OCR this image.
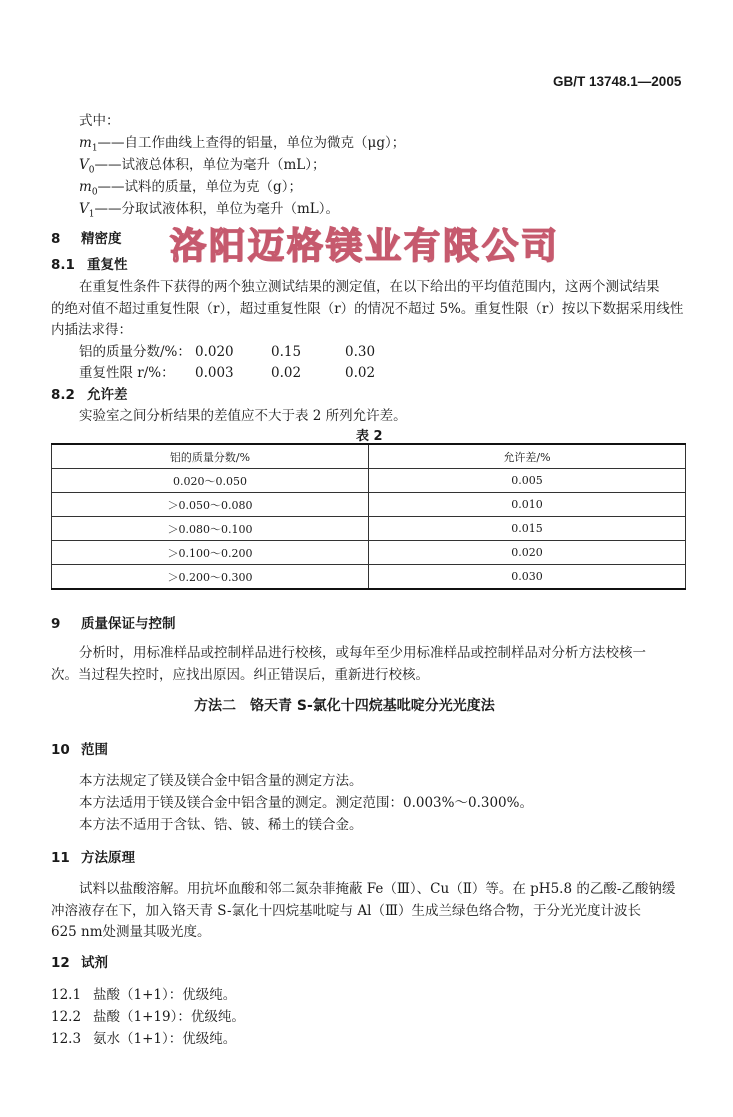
GB/T 13748.1—2005
式中：
$m_1——$自工作曲线上查得的铝量，单位为微克（μg）；
$V_0——$试液总体积，单位为毫升（mL）；
$m_0——$试料的质量，单位为克（g）；
$V_1——$分取试液体积，单位为毫升（mL）。
8 精密度 洛阳迈格镁业有限公司
8.1 重复性
在重复性条件下获得的两个独立测试结果的测定值，在以下给出的平均值范围内，这两个测试结果
的绝对值不超过重复性限（r），超过重复性限（r）的情况不超过 5%。重复性限（r）按以下数据采用线性
内插法求得：
铝的质量分数/%： 0.020	0.15	0.30
重复性限 r/%： 0.003	0.02	0.02
8.2 允许差
实验室之间分析结果的差值应不大于表 2 所列允许差。
表 2
铝的质量分数/%	允许差/%
0.020～0.050	0.005
＞0.050～0.080	0.010
＞0.080～0.100	0.015
＞0.100～0.200	0.020
＞0.200～0.300	0.030
9 质量保证与控制
分析时，用标准样品或控制样品进行校核，或每年至少用标准样品或控制样品对分析方法校核一
次。当过程失控时，应找出原因。纠正错误后，重新进行校核。
方法二　铬天青 S-氯化十四烷基吡啶分光光度法
10 范围
本方法规定了镁及镁合金中铝含量的测定方法。
本方法适用于镁及镁合金中铝含量的测定。测定范围：0.003%～0.300%。
本方法不适用于含钛、锆、铍、稀土的镁合金。
11 方法原理
试料以盐酸溶解。用抗坏血酸和邻二氮杂菲掩蔽 Fe（Ⅲ）、Cu（Ⅱ）等。在 pH5.8 的乙酸-乙酸钠缓
冲溶液存在下，加入铬天青 S-氯化十四烷基吡啶与 Al（Ⅲ）生成兰绿色络合物，于分光光度计波长
625 nm处测量其吸光度。
12 试剂
12.1 盐酸（1+1）：优级纯。
12.2 盐酸（1+19）：优级纯。
12.3 氨水（1+1）：优级纯。
